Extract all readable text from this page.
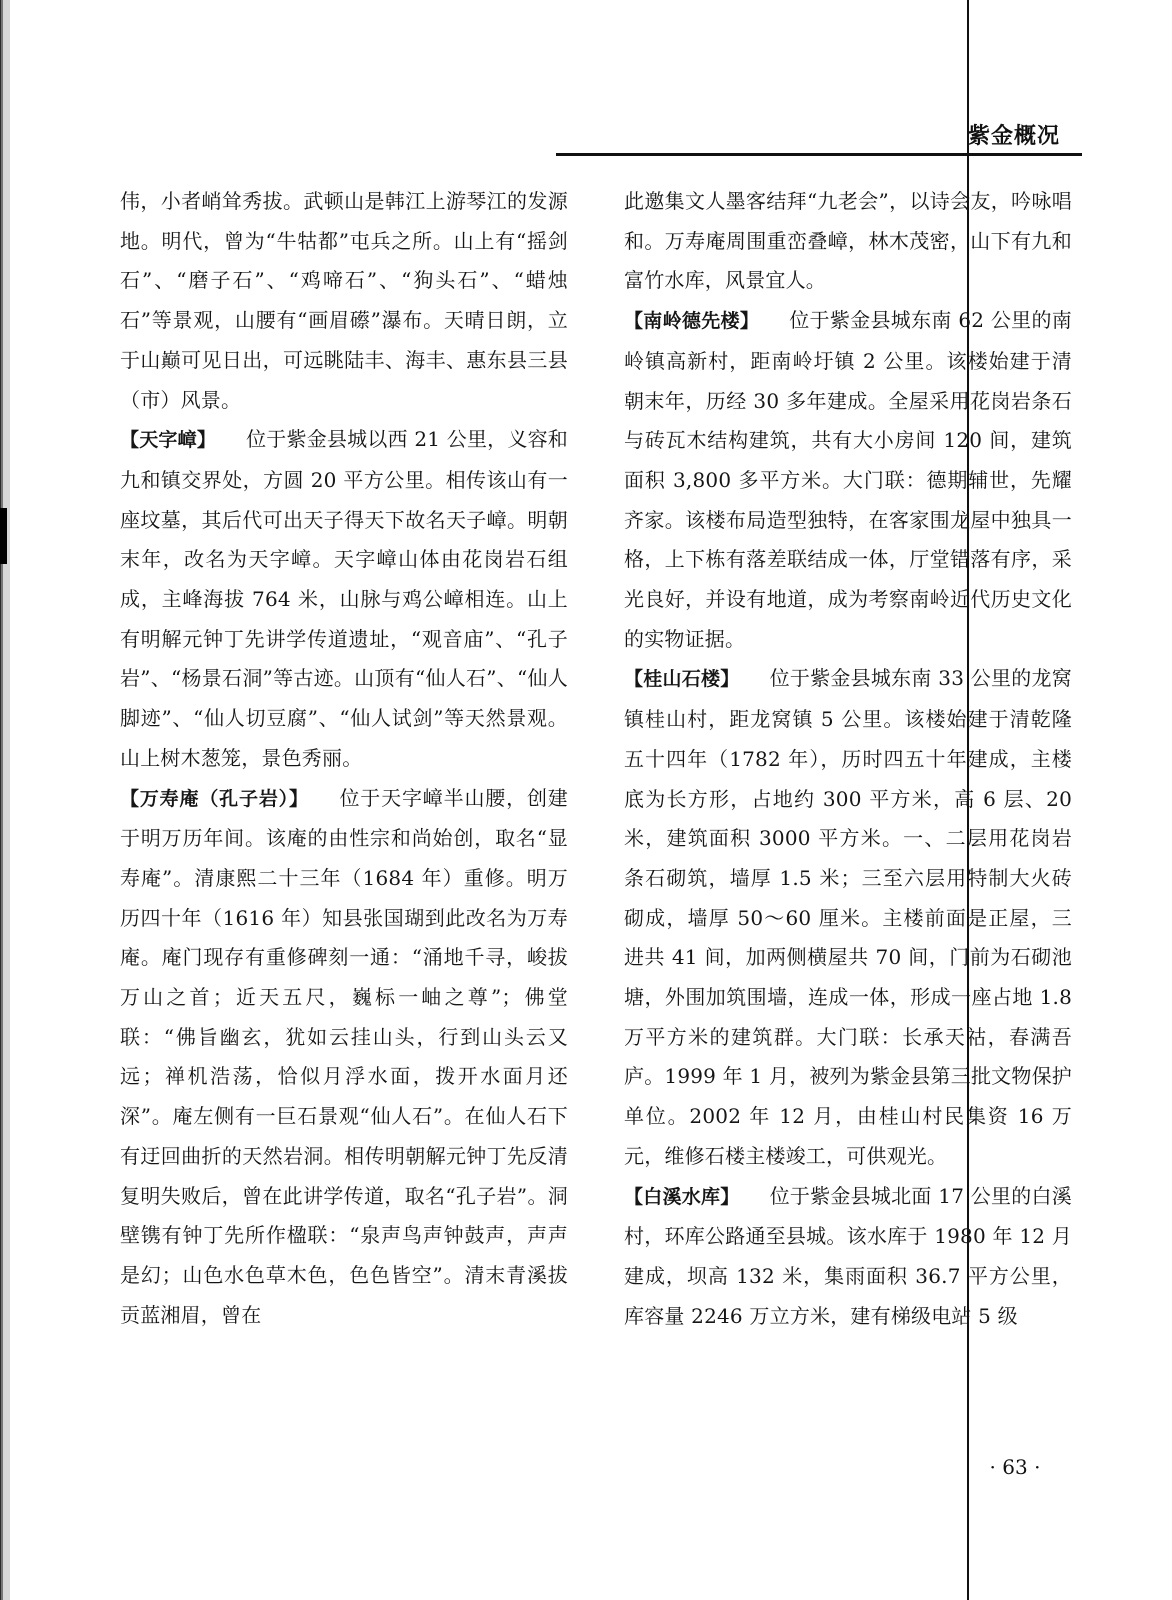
紫金概况

伟，小者峭耸秀拔。武顿山是韩江上游琴江的发源地。明代，曾为“牛牯都”屯兵之所。山上有“摇剑石”、“磨子石”、“鸡啼石”、“狗头石”、“蜡烛石”等景观，山腰有“画眉礤”瀑布。天晴日朗，立于山巅可见日出，可远眺陆丰、海丰、惠东县三县（市）风景。

【天字嶂】 位于紫金县城以西 21 公里，义容和九和镇交界处，方圆 20 平方公里。相传该山有一座坟墓，其后代可出天子得天下故名天子嶂。明朝末年，改名为天字嶂。天字嶂山体由花岗岩石组成，主峰海拔 764 米，山脉与鸡公嶂相连。山上有明解元钟丁先讲学传道遗址，“观音庙”、“孔子岩”、“杨景石洞”等古迹。山顶有“仙人石”、“仙人脚迹”、“仙人切豆腐”、“仙人试剑”等天然景观。山上树木葱笼，景色秀丽。

【万寿庵（孔子岩）】 位于天字嶂半山腰，创建于明万历年间。该庵的由性宗和尚始创，取名“显寿庵”。清康熙二十三年（1684 年）重修。明万历四十年（1616 年）知县张国瑚到此改名为万寿庵。庵门现存有重修碑刻一通：“涌地千寻，峻拔万山之首；近天五尺，巍标一岫之尊”；佛堂联：“佛旨幽玄，犹如云挂山头，行到山头云又远；禅机浩荡，恰似月浮水面，拨开水面月还深”。庵左侧有一巨石景观“仙人石”。在仙人石下有迂回曲折的天然岩洞。相传明朝解元钟丁先反清复明失败后，曾在此讲学传道，取名“孔子岩”。洞壁镌有钟丁先所作楹联：“泉声鸟声钟鼓声，声声是幻；山色水色草木色，色色皆空”。清末青溪拔贡蓝湘眉，曾在

此邀集文人墨客结拜“九老会”，以诗会友，吟咏唱和。万寿庵周围重峦叠嶂，林木茂密，山下有九和富竹水库，风景宜人。

【南岭德先楼】 位于紫金县城东南 62 公里的南岭镇高新村，距南岭圩镇 2 公里。该楼始建于清朝末年，历经 30 多年建成。全屋采用花岗岩条石与砖瓦木结构建筑，共有大小房间 120 间，建筑面积 3,800 多平方米。大门联：德期辅世，先耀齐家。该楼布局造型独特，在客家围龙屋中独具一格，上下栋有落差联结成一体，厅堂错落有序，采光良好，并设有地道，成为考察南岭近代历史文化的实物证据。

【桂山石楼】 位于紫金县城东南 33 公里的龙窝镇桂山村，距龙窝镇 5 公里。该楼始建于清乾隆五十四年（1782 年），历时四五十年建成，主楼底为长方形，占地约 300 平方米，高 6 层、20 米，建筑面积 3000 平方米。一、二层用花岗岩条石砌筑，墙厚 1.5 米；三至六层用特制大火砖砌成，墙厚 50～60 厘米。主楼前面是正屋，三进共 41 间，加两侧横屋共 70 间，门前为石砌池塘，外围加筑围墙，连成一体，形成一座占地 1.8 万平方米的建筑群。大门联：长承天祜，春满吾庐。1999 年 1 月，被列为紫金县第三批文物保护单位。2002 年 12 月，由桂山村民集资 16 万元，维修石楼主楼竣工，可供观光。

【白溪水库】 位于紫金县城北面 17 公里的白溪村，环库公路通至县城。该水库于 1980 年 12 月建成，坝高 132 米，集雨面积 36.7 平方公里，库容量 2246 万立方米，建有梯级电站 5 级

· 63 ·
